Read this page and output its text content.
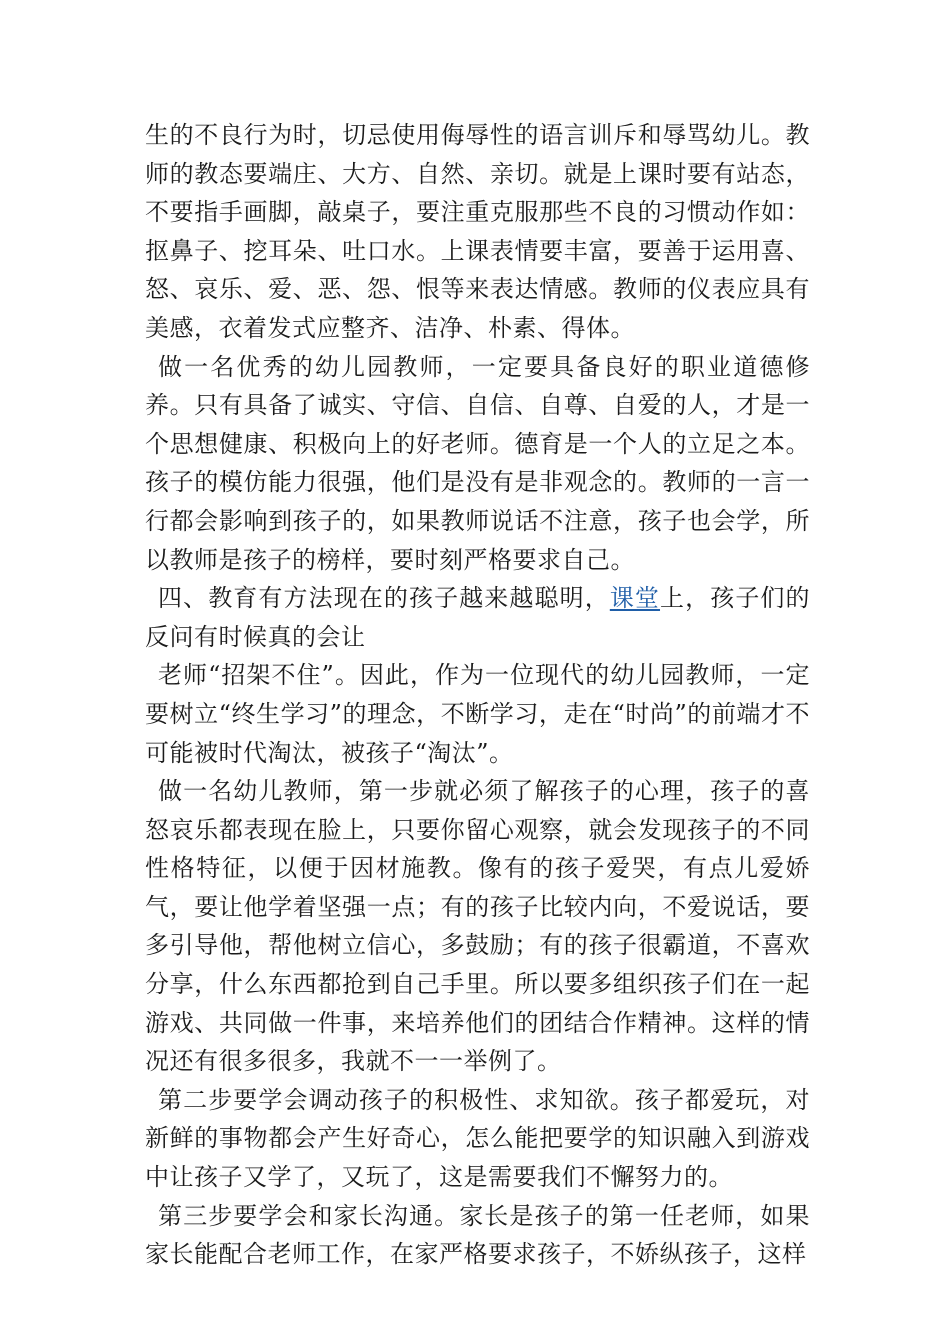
生的不良行为时，切忌使用侮辱性的语言训斥和辱骂幼儿。教师的教态要端庄、大方、自然、亲切。就是上课时要有站态，不要指手画脚，敲桌子，要注重克服那些不良的习惯动作如：抠鼻子、挖耳朵、吐口水。上课表情要丰富，要善于运用喜、怒、哀乐、爱、恶、怨、恨等来表达情感。教师的仪表应具有美感，衣着发式应整齐、洁净、朴素、得体。

做一名优秀的幼儿园教师，一定要具备良好的职业道德修养。只有具备了诚实、守信、自信、自尊、自爱的人，才是一个思想健康、积极向上的好老师。德育是一个人的立足之本。孩子的模仿能力很强，他们是没有是非观念的。教师的一言一行都会影响到孩子的，如果教师说话不注意，孩子也会学，所以教师是孩子的榜样，要时刻严格要求自己。

四、教育有方法现在的孩子越来越聪明，课堂上，孩子们的反问有时候真的会让

老师“招架不住”。因此，作为一位现代的幼儿园教师，一定要树立“终生学习”的理念，不断学习，走在“时尚”的前端才不可能被时代淘汰，被孩子“淘汰”。

做一名幼儿教师，第一步就必须了解孩子的心理，孩子的喜怒哀乐都表现在脸上，只要你留心观察，就会发现孩子的不同性格特征，以便于因材施教。像有的孩子爱哭，有点儿爱娇气，要让他学着坚强一点；有的孩子比较内向，不爱说话，要多引导他，帮他树立信心，多鼓励；有的孩子很霸道，不喜欢分享，什么东西都抢到自己手里。所以要多组织孩子们在一起游戏、共同做一件事，来培养他们的团结合作精神。这样的情况还有很多很多，我就不一一举例了。

第二步要学会调动孩子的积极性、求知欲。孩子都爱玩，对新鲜的事物都会产生好奇心，怎么能把要学的知识融入到游戏中让孩子又学了，又玩了，这是需要我们不懈努力的。

第三步要学会和家长沟通。家长是孩子的第一任老师，如果家长能配合老师工作，在家严格要求孩子，不娇纵孩子，这样
